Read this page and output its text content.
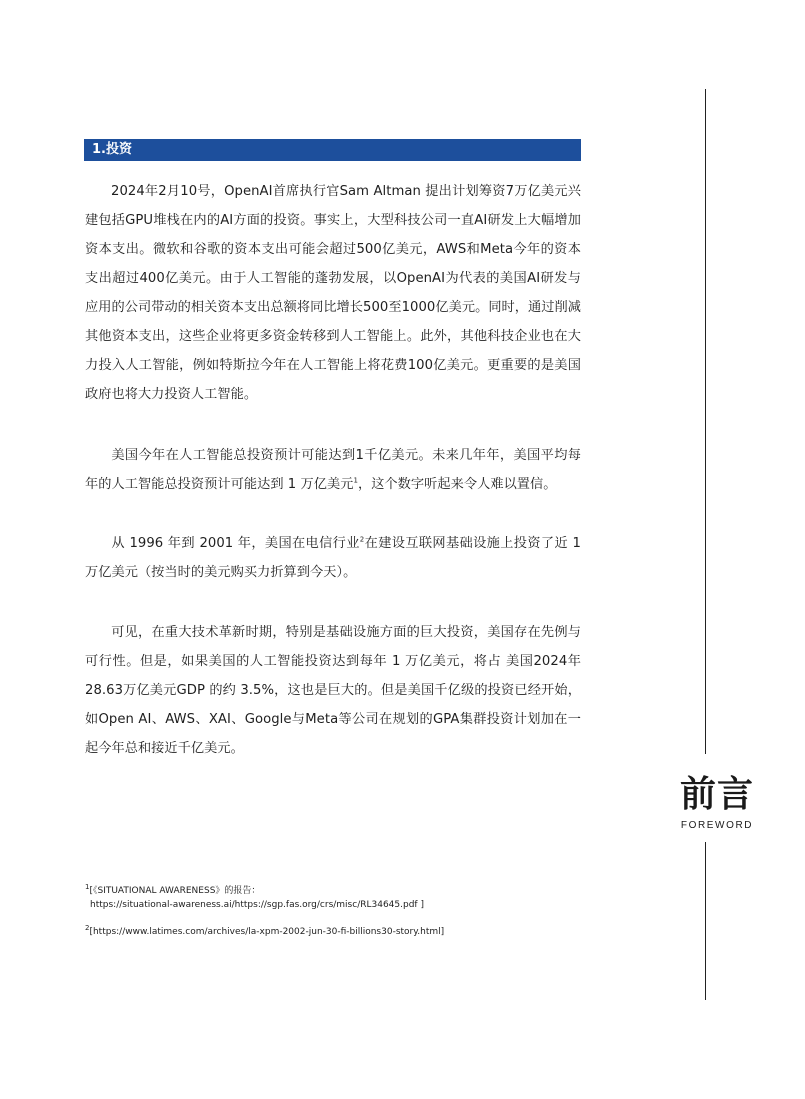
1.投资

2024年2月10号，OpenAI首席执行官Sam Altman 提出计划筹资7万亿美元兴建包括GPU堆栈在内的AI方面的投资。事实上，大型科技公司一直AI研发上大幅增加资本支出。微软和谷歌的资本支出可能会超过500亿美元，AWS和Meta今年的资本支出超过400亿美元。由于人工智能的蓬勃发展，以OpenAI为代表的美国AI研发与应用的公司带动的相关资本支出总额将同比增长500至1000亿美元。同时，通过削减其他资本支出，这些企业将更多资金转移到人工智能上。此外，其他科技企业也在大力投入人工智能，例如特斯拉今年在人工智能上将花费100亿美元。更重要的是美国政府也将大力投资人工智能。

美国今年在人工智能总投资预计可能达到1千亿美元。未来几年年，美国平均每年的人工智能总投资预计可能达到 1 万亿美元$^1$，这个数字听起来令人难以置信。

从 1996 年到 2001 年，美国在电信行业$^2$在建设互联网基础设施上投资了近 1 万亿美元（按当时的美元购买力折算到今天）。

可见，在重大技术革新时期，特别是基础设施方面的巨大投资，美国存在先例与可行性。但是，如果美国的人工智能投资达到每年 1 万亿美元，将占 美国2024年28.63万亿美元GDP 的约 3.5%，这也是巨大的。但是美国千亿级的投资已经开始，如Open AI、AWS、XAI、Google与Meta等公司在规划的GPA集群投资计划加在一起今年总和接近千亿美元。

前言
FOREWORD
$^1$[《SITUATIONAL AWARENESS》的报告：
https://situational-awareness.ai/https://sgp.fas.org/crs/misc/RL34645.pdf ]
$^2$[https://www.latimes.com/archives/la-xpm-2002-jun-30-fi-billions30-story.html]
